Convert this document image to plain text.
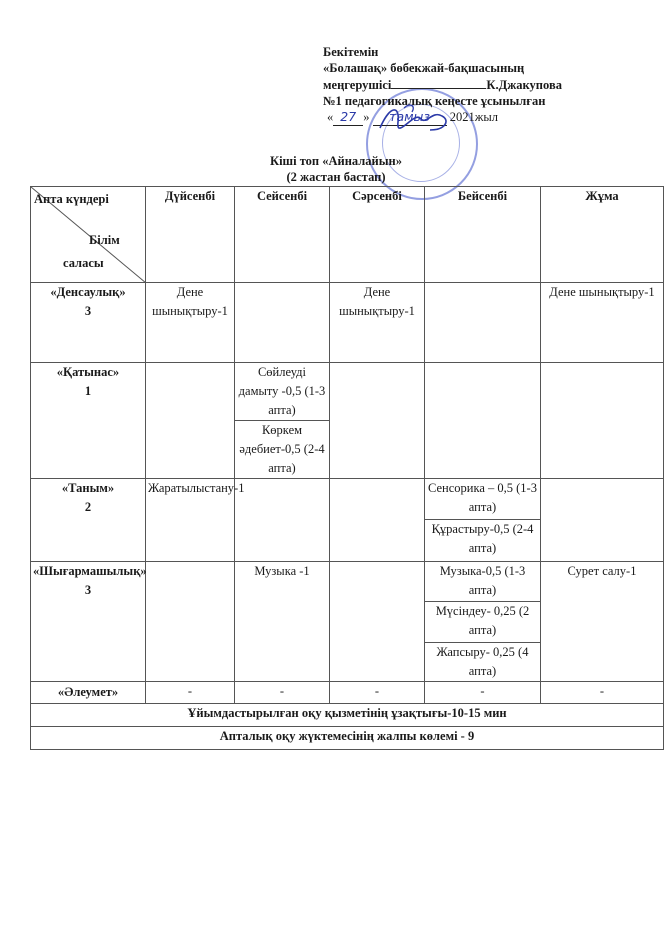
Бекітемін
«Болашақ» бөбекжай-бақшасының
меңгерушісі	К.Джакупова
№1 педагогикалық кеңесте ұсынылған
« 27 » тамыз 2021жыл
Кіші топ «Айналайын»
(2 жастан бастап)
Апта күндері
Білім
саласы	Дүйсенбі	Сейсенбі	Сәрсенбі	Бейсенбі	Жұма
«Денсаулық»
3	Дене шынықтыру-1		Дене шынықтыру-1		Дене шынықтыру-1
«Қатынас»
1		Сөйлеуді дамыту -0,5 (1-3 апта)			
		Көркем әдебиет-0,5 (2-4 апта)			
«Таным»
2	Жаратылыстану-1			Сенсорика – 0,5 (1-3 апта)	
				Құрастыру-0,5 (2-4 апта)	
«Шығармашылық»
3		Музыка -1		Музыка-0,5 (1-3 апта)	Сурет салу-1
				Мүсіндеу- 0,25 (2 апта)	
				Жапсыру- 0,25 (4 апта)	
«Әлеумет»	-	-	-	-	-
Ұйымдастырылған оқу қызметінің ұзақтығы-10-15 мин					
Апталық оқу жүктемесінің жалпы көлемі - 9					
